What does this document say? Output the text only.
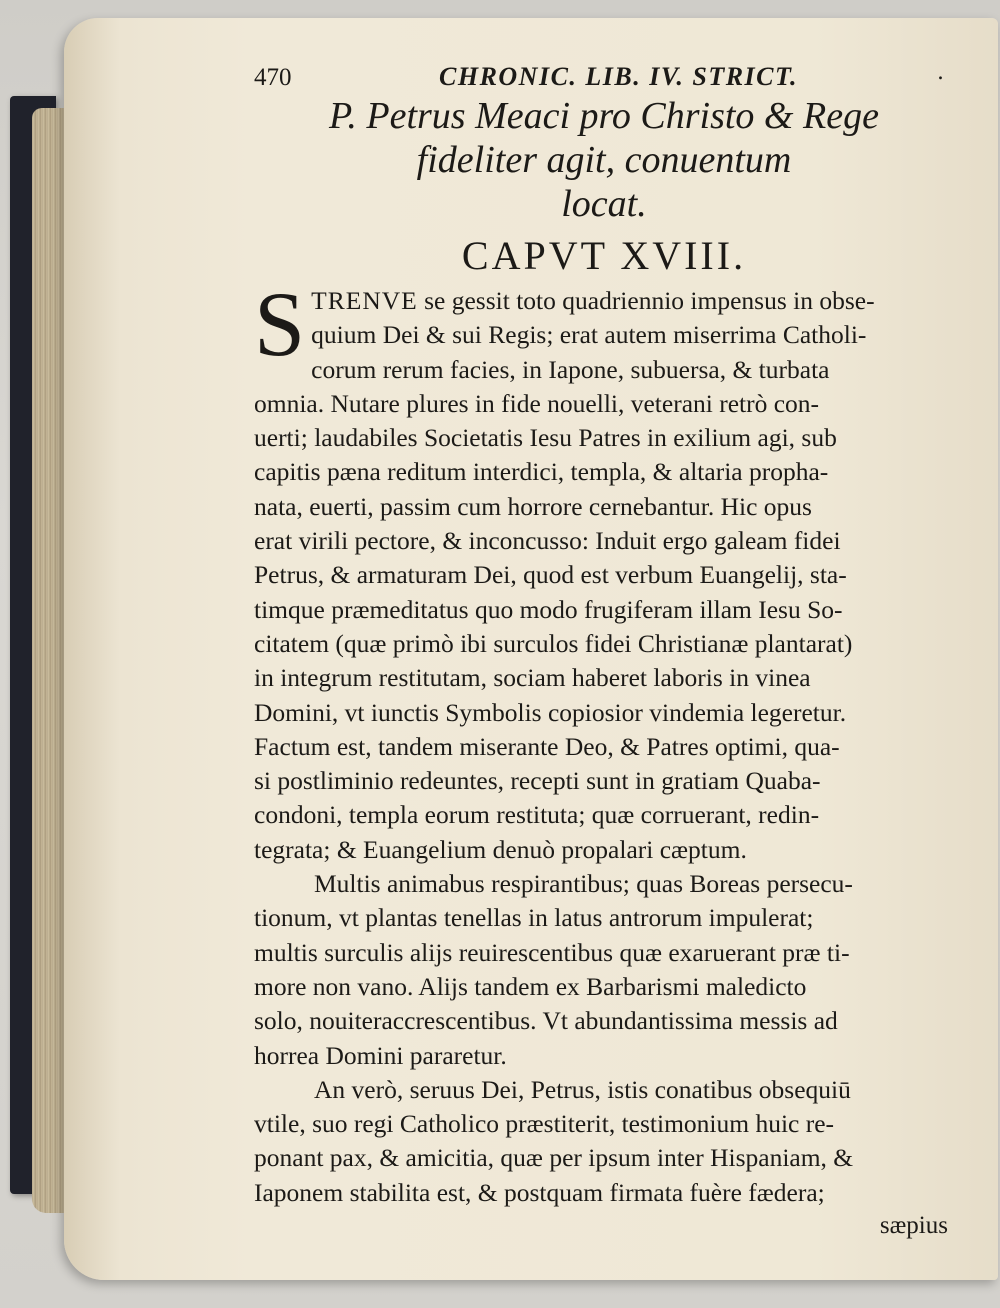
470	CHRONIC. LIB. IV. STRICT.	.
P. Petrus Meaci pro Christo & Rege
fideliter agit, conuentum
locat.
CAPVT XVIII.
S TRENVE se gessit toto quadriennio impensus in obse-
quium Dei & sui Regis; erat autem miserrima Catholi-
corum rerum facies, in Iapone, subuersa, & turbata
omnia. Nutare plures in fide nouelli, veterani retrò con-
uerti; laudabiles Societatis Iesu Patres in exilium agi, sub
capitis pæna reditum interdici, templa, & altaria propha-
nata, euerti, passim cum horrore cernebantur. Hic opus
erat virili pectore, & inconcusso: Induit ergo galeam fidei
Petrus, & armaturam Dei, quod est verbum Euangelij, sta-
timque præmeditatus quo modo frugiferam illam Iesu So-
citatem (quæ primò ibi surculos fidei Christianæ plantarat)
in integrum restitutam, sociam haberet laboris in vinea
Domini, vt iunctis Symbolis copiosior vindemia legeretur.
Factum est, tandem miserante Deo, & Patres optimi, qua-
si postliminio redeuntes, recepti sunt in gratiam Quaba-
condoni, templa eorum restituta; quæ corruerant, redin-
tegrata; & Euangelium denuò propalari cæptum.
Multis animabus respirantibus; quas Boreas persecu-
tionum, vt plantas tenellas in latus antrorum impulerat;
multis surculis alijs reuirescentibus quæ exaruerant præ ti-
more non vano. Alijs tandem ex Barbarismi maledicto
solo, nouiterаccrescentibus. Vt abundantissima messis ad
horrea Domini pararetur.
An verò, seruus Dei, Petrus, istis conatibus obsequiū
vtile, suo regi Catholico præstiterit, testimonium huic re-
ponant pax, & amicitia, quæ per ipsum inter Hispaniam, &
Iaponem stabilita est, & postquam firmata fuère fædera;
sæpius
